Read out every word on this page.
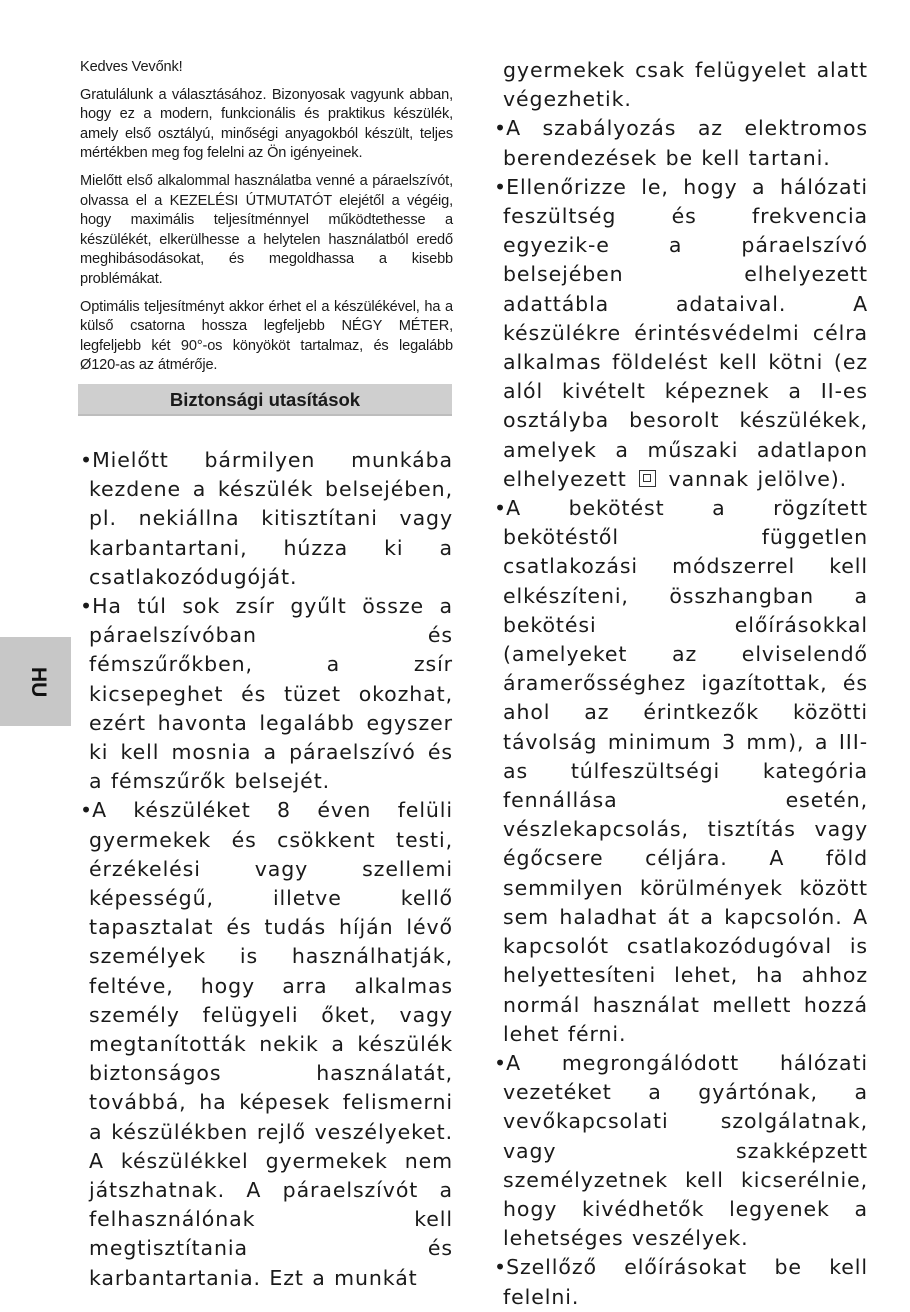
HU

Kedves Vevőnk!

Gratulálunk a választásához. Bizonyosak vagyunk abban, hogy ez a modern, funkcionális és praktikus készülék, amely első osztályú, minőségi anyagokból készült, teljes mértékben meg fog felelni az Ön igényeinek.

Mielőtt első alkalommal használatba venné a páraelszívót, olvassa el a KEZELÉSI ÚTMUTATÓT elejétől a végéig, hogy maximális teljesítménnyel működtethesse a készülékét, elkerülhesse a helytelen használatból eredő meghibásodásokat, és megoldhassa a kisebb problémákat.

Optimális teljesítményt akkor érhet el a készülékével, ha a külső csatorna hossza legfeljebb NÉGY MÉTER, legfeljebb két 90°-os könyököt tartalmaz, és legalább Ø120-as az átmérője.

Biztonsági utasítások
•Mielőtt bármilyen munkába kezdene a készülék belsejében, pl. nekiállna kitisztítani vagy karbantartani, húzza ki a csatlakozódugóját.
•Ha túl sok zsír gyűlt össze a páraelszívóban és fémszűrőkben, a zsír kicsepeghet és tüzet okozhat, ezért havonta legalább egyszer ki kell mosnia a páraelszívó és a fémszűrők belsejét.
•A készüléket 8 éven felüli gyermekek és csökkent testi, érzékelési vagy szellemi képességű, illetve kellő tapasztalat és tudás híján lévő személyek is használhatják, feltéve, hogy arra alkalmas személy felügyeli őket, vagy megtanították nekik a készülék biztonságos használatát, továbbá, ha képesek felismerni a készülékben rejlő veszélyeket. A készülékkel gyermekek nem játszhatnak. A páraelszívót a felhasználónak kell megtisztítania és karbantartania. Ezt a munkát

gyermekek csak felügyelet alatt végezhetik.

•A szabályozás az elektromos berendezések be kell tartani.
•Ellenőrizze le, hogy a hálózati feszültség és frekvencia egyezik-e a páraelszívó belsejében elhelyezett adattábla adataival. A készülékre érintésvédelmi célra alkalmas földelést kell kötni (ez alól kivételt képeznek a II-es osztályba besorolt készülékek, amelyek a műszaki adatlapon elhelyezett vannak jelölve).
•A bekötést a rögzített bekötéstől független csatlakozási módszerrel kell elkészíteni, összhangban a bekötési előírásokkal (amelyeket az elviselendő áramerősséghez igazítottak, és ahol az érintkezők közötti távolság minimum 3 mm), a III-as túlfeszültségi kategória fennállása esetén, vészlekapcsolás, tisztítás vagy égőcsere céljára. A föld semmilyen körülmények között sem haladhat át a kapcsolón. A kapcsolót csatlakozódugóval is helyettesíteni lehet, ha ahhoz normál használat mellett hozzá lehet férni.
•A megrongálódott hálózati vezetéket a gyártónak, a vevőkapcsolati szolgálatnak, vagy szakképzett személyzetnek kell kicserélnie, hogy kivédhetők legyenek a lehetséges veszélyek.
•Szellőző előírásokat be kell felelni.
